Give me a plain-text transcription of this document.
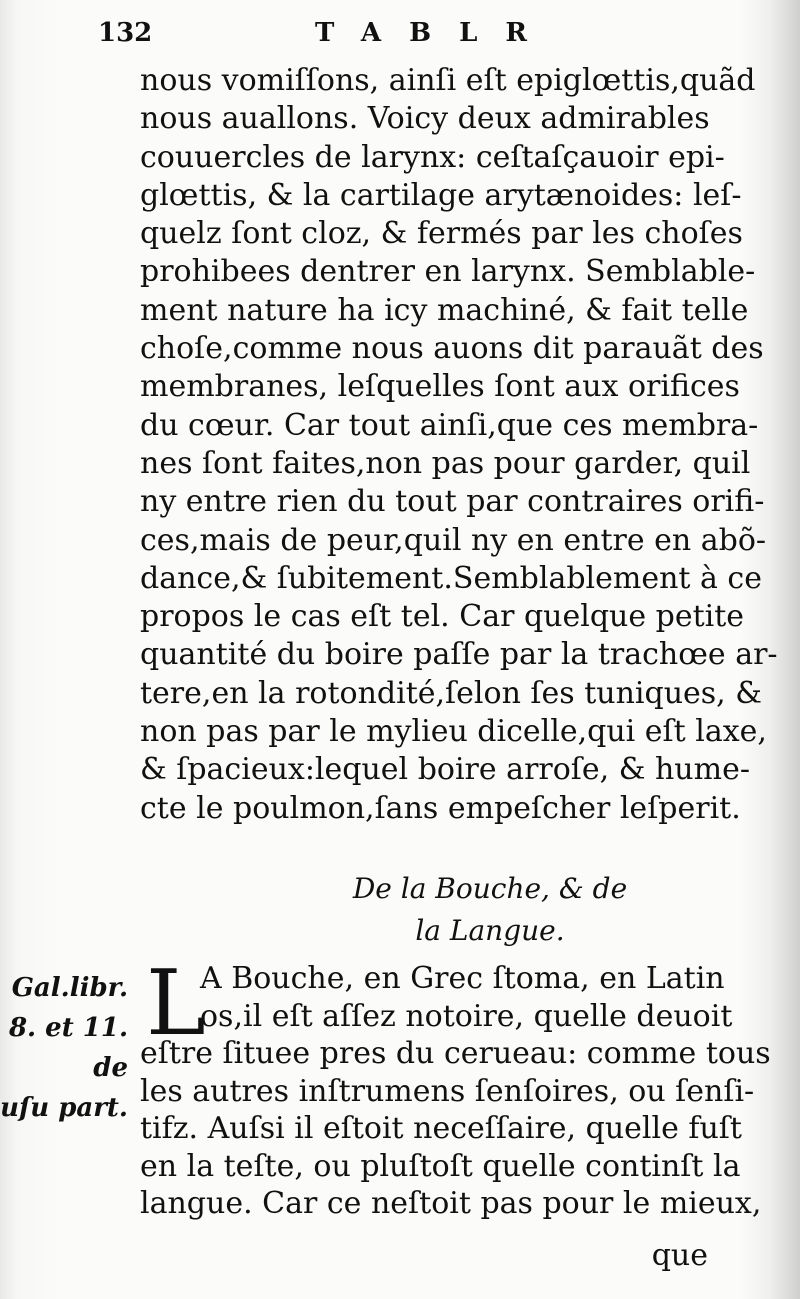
132	TABLR
nous vomiſſons, ainſi eſt epiglœttis,quãd
nous auallons. Voicy deux admirables
couuercles de larynx: ceſtaſçauoir epi-
glœttis, & la cartilage arytænoides: leſ-
quelz ſont cloz, & fermés par les choſes
prohibees dentrer en larynx. Semblable-
ment nature ha icy machiné, & fait telle
choſe,comme nous auons dit parauãt des
membranes, leſquelles ſont aux orifices
du cœur. Car tout ainſi,que ces membra-
nes ſont faites,non pas pour garder, quil
ny entre rien du tout par contraires orifi-
ces,mais de peur,quil ny en entre en abõ-
dance,& ſubitement.Semblablement à ce
propos le cas eſt tel. Car quelque petite
quantité du boire paſſe par la trachœe ar-
tere,en la rotondité,ſelon ſes tuniques, &
non pas par le mylieu dicelle,qui eſt laxe,
& ſpacieux:lequel boire arroſe, & hume-
cte le poulmon,ſans empeſcher leſperit.
De la Bouche, & de
la Langue.
Gal.libr.
8. et 11. de
uſu part.
L
A Bouche, en Grec ſtoma, en Latin
os,il eſt aſſez notoire, quelle deuoit
eſtre ſituee pres du cerueau: comme tous
les autres inſtrumens ſenſoires, ou ſenſi-
tifz. Auſsi il eſtoit neceſſaire, quelle fuſt
en la teſte, ou pluſtoſt quelle continſt la
langue. Car ce neſtoit pas pour le mieux,
que
